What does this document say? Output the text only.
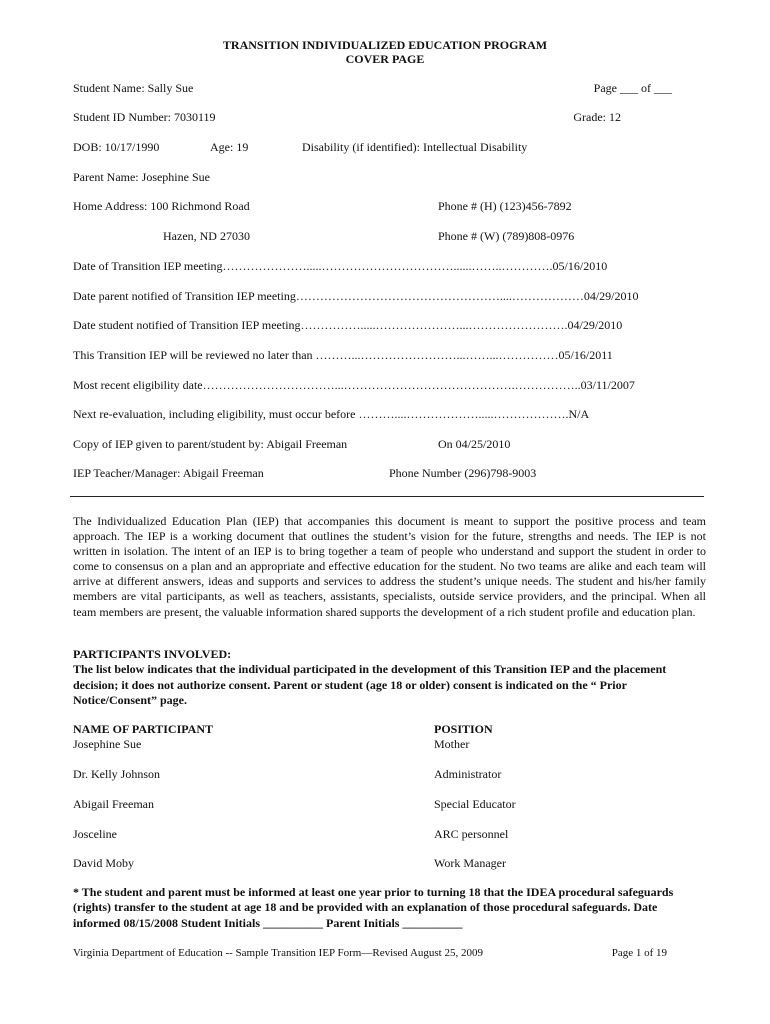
TRANSITION INDIVIDUALIZED EDUCATION PROGRAM
COVER PAGE
Student Name: Sally Sue	Page ___ of ___
Student ID Number: 7030119	Grade: 12
DOB: 10/17/1990	Age: 19	Disability (if identified): Intellectual Disability
Parent Name: Josephine Sue
Home Address: 100 Richmond Road	Phone # (H) (123)456-7892
Hazen, ND 27030	Phone # (W) (789)808-0976
Date of Transition IEP meeting………………….....……………………………......……..………….05/16/2010
Date parent notified of Transition IEP meeting……………………………………………....………………04/29/2010
Date student notified of Transition IEP meeting…………….....…………………...…………………….04/29/2010
This Transition IEP will be reviewed no later than ………...……………………...……...……………05/16/2011
Most recent eligibility date……………………………...…………………………………….……………..03/11/2007
Next re-evaluation, including eligibility, must occur before ………....……………….....……………….N/A
Copy of IEP given to parent/student by: Abigail Freeman	On 04/25/2010
IEP Teacher/Manager: Abigail Freeman	Phone Number (296)798-9003
The Individualized Education Plan (IEP) that accompanies this document is meant to support the positive process and team approach. The IEP is a working document that outlines the student’s vision for the future, strengths and needs. The IEP is not written in isolation. The intent of an IEP is to bring together a team of people who understand and support the student in order to come to consensus on a plan and an appropriate and effective education for the student. No two teams are alike and each team will arrive at different answers, ideas and supports and services to address the student’s unique needs. The student and his/her family members are vital participants, as well as teachers, assistants, specialists, outside service providers, and the principal. When all team members are present, the valuable information shared supports the development of a rich student profile and education plan.
PARTICIPANTS INVOLVED:
The list below indicates that the individual participated in the development of this Transition IEP and the placement decision; it does not authorize consent. Parent or student (age 18 or older) consent is indicated on the “ Prior Notice/Consent” page.
NAME OF PARTICIPANT	POSITION
Josephine Sue	Mother
Dr. Kelly Johnson	Administrator
Abigail Freeman	Special Educator
Josceline	ARC personnel
David Moby	Work Manager
* The student and parent must be informed at least one year prior to turning 18 that the IDEA procedural safeguards (rights) transfer to the student at age 18 and be provided with an explanation of those procedural safeguards. Date informed 08/15/2008 Student Initials __________ Parent Initials __________
Virginia Department of Education -- Sample Transition IEP Form—Revised August 25, 2009	Page 1 of 19
